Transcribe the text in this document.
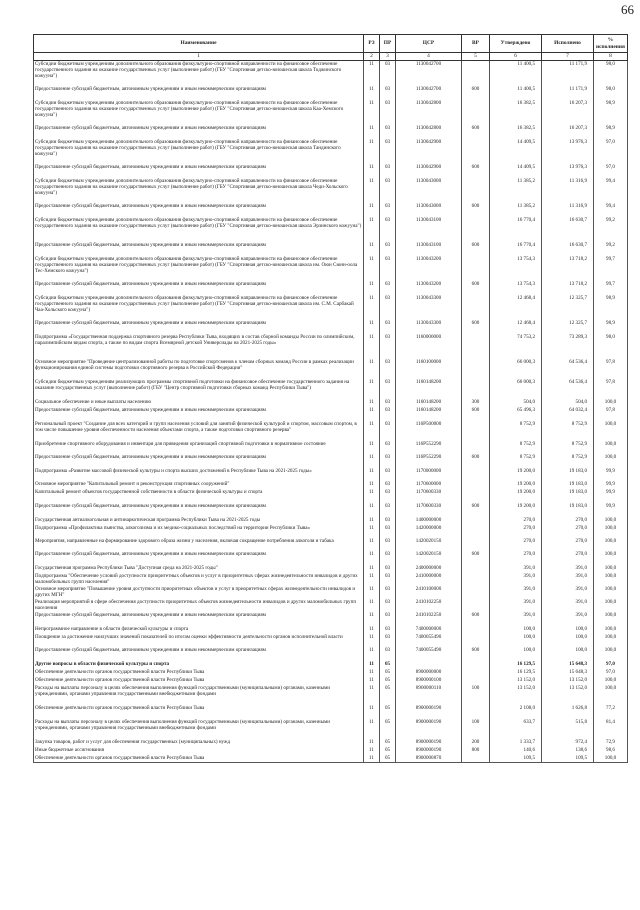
66
Наименование	РЗ	ПР	ЦСР	ВР	Утверждено	Исполнено	% исполнения
1	2	3	4	5	6	7	8
Субсидии бюджетным учреждениям дополнительного образования физкультурно-спортивной направленности на финансовое обеспечение государственного задания на оказание государственных услуг (выполнение работ) (ГБУ "Спортивная детско-юношеская школа Тоджинского кожууна")	11	03	1130042700		11 400,5	11 171,9	98,0
Предоставление субсидий бюджетным, автономным учреждениям и иным некоммерческим организациям	11	03	1130042700	600	11 400,5	11 171,9	98,0
Субсидии бюджетным учреждениям дополнительного образования физкультурно-спортивной направленности на финансовое обеспечение государственного задания на оказание государственных услуг (выполнение работ) (ГБУ "Спортивная детско-юношеская школа Каа-Хемского кожууна")	11	03	1130042800		16 382,5	16 207,3	98,9
Предоставление субсидий бюджетным, автономным учреждениям и иным некоммерческим организациям	11	03	1130042800	600	16 382,5	16 207,3	98,9
Субсидии бюджетным учреждениям дополнительного образования физкультурно-спортивной направленности на финансовое обеспечение государственного задания на оказание государственных услуг (выполнение работ) (ГБУ "Спортивная детско-юношеская школа Тандинского кожууна")	11	03	1130042900		14 409,5	13 976,3	97,0
Предоставление субсидий бюджетным, автономным учреждениям и иным некоммерческим организациям	11	03	1130042900	600	14 409,5	13 976,3	97,0
Субсидии бюджетным учреждениям дополнительного образования физкультурно-спортивной направленности на финансовое обеспечение государственного задания на оказание государственных услуг (выполнение работ) (ГБУ "Спортивная детско-юношеская школа Чеди-Хольского кожууна")	11	03	1130043000		11 385,2	11 316,9	99,4
Предоставление субсидий бюджетным, автономным учреждениям и иным некоммерческим организациям	11	03	1130043000	600	11 385,2	11 316,9	99,4
Субсидии бюджетным учреждениям дополнительного образования физкультурно-спортивной направленности на финансовое обеспечение государственного задания на оказание государственных услуг (выполнение работ) (ГБУ "Спортивная детско-юношеская школа Эрзинского кожууна")	11	03	1130043100		16 770,4	16 630,7	99,2
Предоставление субсидий бюджетным, автономным учреждениям и иным некоммерческим организациям	11	03	1130043100	600	16 770,4	16 630,7	99,2
Субсидии бюджетным учреждениям дополнительного образования физкультурно-спортивной направленности на финансовое обеспечение государственного задания на оказание государственных услуг (выполнение работ) (ГБУ "Спортивная детско-юношеская школа им. Оюн Сюнн-оола Тес-Хемского кожууна")	11	03	1130043200		13 754,3	13 718,2	99,7
Предоставление субсидий бюджетным, автономным учреждениям и иным некоммерческим организациям	11	03	1130043200	600	13 754,3	13 718,2	99,7
Субсидии бюджетным учреждениям дополнительного образования физкультурно-спортивной направленности на финансовое обеспечение государственного задания на оказание государственных услуг (выполнение работ) (ГБУ "Спортивная детско-юношеская школа им. С.М. Сарбакай Чаа-Хольского кожууна")	11	03	1130043300		12 468,4	12 325,7	98,9
Предоставление субсидий бюджетным, автономным учреждениям и иным некоммерческим организациям	11	03	1130043300	600	12 468,4	12 325,7	98,9
Подпрограмма «Государственная поддержка спортивного резерва Республики Тыва, входящих в состав сборной команды России по олимпийским, паралимпийским видам спорта, а также по видам спорта Всемирной детской Универсиады на 2021-2025 годы»	11	03	1160000000		74 753,2	73 289,3	98,0
Основное мероприятие "Проведение централизованной работы по подготовке спортсменов к членам сборных команд России в рамках реализации функционирования единой системы подготовки спортивного резерва в Российской Федерации"	11	03	1160100000		66 000,3	64 536,4	97,8
Субсидии бюджетным учреждениям реализующих программы спортивной подготовки на финансовое обеспечение государственного задания на оказание государственных услуг (выполнение работ) (ГБУ "Центр спортивной подготовки сборных команд Республики Тыва")	11	03	1160148200		66 000,3	64 536,4	97,8
Социальное обеспечение и иные выплаты населению	11	03	1160148200	300	504,0	504,0	100,0
Предоставление субсидий бюджетным, автономным учреждениям и иным некоммерческим организациям	11	03	1160148200	600	65 496,3	64 032,4	97,8
Региональный проект "Создание для всех категорий и групп населения условий для занятий физической культурой и спортом, массовым спортом, в том числе повышение уровня обеспеченности населения объектами спорта, а также подготовки спортивного резерва"	11	03	116P500000		8 752,9	8 752,9	100,0
Приобретение спортивного оборудования и инвентаря для приведения организаций спортивной подготовки в нормативное состояние	11	03	116P552290		8 752,9	8 752,9	100,0
Предоставление субсидий бюджетным, автономным учреждениям и иным некоммерческим организациям	11	03	116P552290	600	8 752,9	8 752,9	100,0
Подпрограмма «Развитие массовой физической культуры и спорта высших достижений в Республике Тыва на 2021-2025 годы»	11	03	1170000000		19 200,0	19 183,0	99,9
Основное мероприятие "Капитальный ремонт и реконструкция спортивных сооружений"	11	03	1170600000		19 200,0	19 183,0	99,9
Капитальный ремонт объектов государственной собственности в области физической культуры и спорта	11	03	1170600330		19 200,0	19 183,0	99,9
Предоставление субсидий бюджетным, автономным учреждениям и иным некоммерческим организациям	11	03	1170600330	600	19 200,0	19 183,0	99,9
Государственная антиалкогольная и антинаркотическая программа Республики Тыва на 2021-2025 годы	11	03	1400000000		270,0	270,0	100,0
Подпрограмма «Профилактика пьянства, алкоголизма и их медико-социальных последствий на территории Республики Тыва»	11	03	1420000000		270,0	270,0	100,0
Мероприятия, направленные на формирование здорового образа жизни у населения, включая сокращение потребления алкоголя и табака	11	03	1420020150		270,0	270,0	100,0
Предоставление субсидий бюджетным, автономным учреждениям и иным некоммерческим организациям	11	03	1420020150	600	270,0	270,0	100,0
Государственная программа Республики Тыва "Доступная среда на 2021-2025 годы"	11	03	2400000000		391,0	391,0	100,0
Подпрограмма "Обеспечение условий доступности приоритетных объектов и услуг в приоритетных сферах жизнедеятельности инвалидов и других маломобильных групп населения"	11	03	2410000000		391,0	391,0	100,0
Основное мероприятие "Повышение уровня доступности приоритетных объектов и услуг в приоритетных сферах жизнедеятельности инвалидов и других МГН"	11	03	2410100000		391,0	391,0	100,0
Реализация мероприятий в сфере обеспечения доступности приоритетных объектов жизнедеятельности инвалидов и других маломобильных групп населения	11	03	2410102250		391,0	391,0	100,0
Предоставление субсидий бюджетным, автономным учреждениям и иным некоммерческим организациям	11	03	2410102250	600	391,0	391,0	100,0
Непрограммное направление в области физической культуры и спорта	11	03	7400000000		100,0	100,0	100,0
Поощрение за достижение наилучших значений показателей по итогам оценки эффективности деятельности органов исполнительной власти	11	03	7400055490		100,0	100,0	100,0
Предоставление субсидий бюджетным, автономным учреждениям и иным некоммерческим организациям	11	03	7400055490	600	100,0	100,0	100,0
Другие вопросы в области физической культуры и спорта	11	05			16 129,5	15 648,3	97,0
Обеспечение деятельности органов государственной власти Республики Тыва	11	05	8900000000		16 129,5	15 648,3	97,0
Обеспечение деятельности органов государственной власти Республики Тыва	11	05	8900000100		13 152,0	13 152,0	100,0
Расходы на выплаты персоналу в целях обеспечения выполнения функций государственными (муниципальными) органами, казенными учреждениями, органами управления государственными внебюджетными фондами	11	05	8900000110	100	13 152,0	13 152,0	100,0
Обеспечение деятельности органов государственной власти Республики Тыва	11	05	8900000190		2 108,0	1 626,8	77,2
Расходы на выплаты персоналу в целях обеспечения выполнения функций государственными (муниципальными) органами, казенными учреждениями, органами управления государственными внебюджетными фондами	11	05	8900000190	100	633,7	515,8	81,4
Закупка товаров, работ и услуг для обеспечения государственных (муниципальных) нужд	11	05	8900000190	200	1 333,7	972,4	72,9
Иные бюджетные ассигнования	11	05	8900000190	800	140,6	138,6	98,6
Обеспечение деятельности органов государственной власти Республики Тыва	11	05	8900000870		109,5	109,5	100,0
